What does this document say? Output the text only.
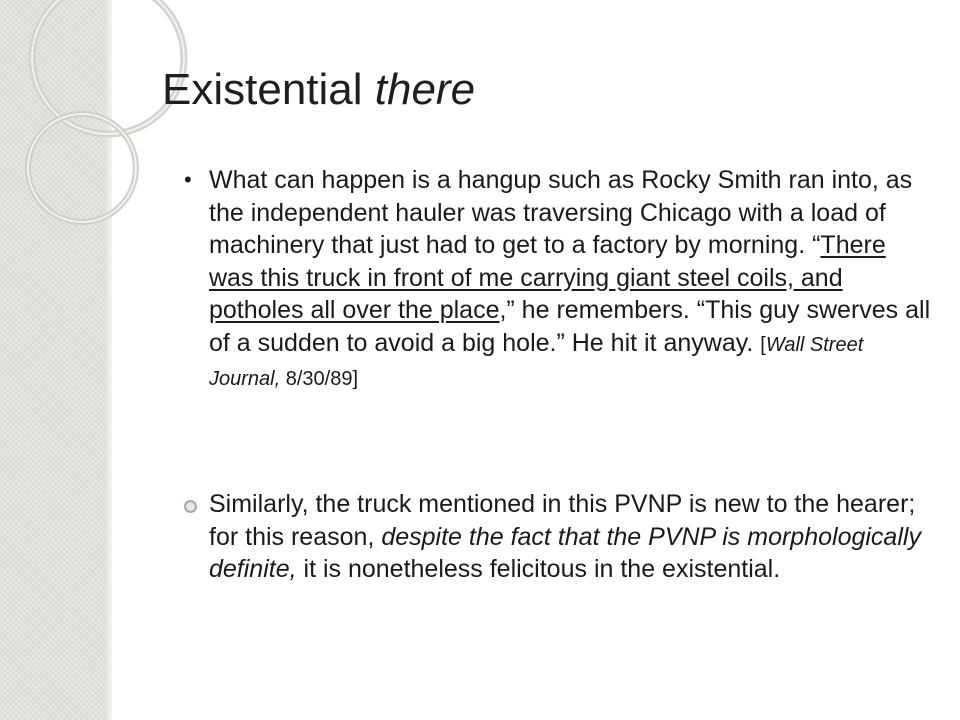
Existential there
• What can happen is a hangup such as Rocky Smith ran into, as the independent hauler was traversing Chicago with a load of machinery that just had to get to a factory by morning. “There was this truck in front of me carrying giant steel coils, and potholes all over the place,” he remembers. “This guy swerves all of a sudden to avoid a big hole.” He hit it anyway. [Wall Street Journal, 8/30/89]
Similarly, the truck mentioned in this PVNP is new to the hearer; for this reason, despite the fact that the PVNP is morphologically definite, it is nonetheless felicitous in the existential.
